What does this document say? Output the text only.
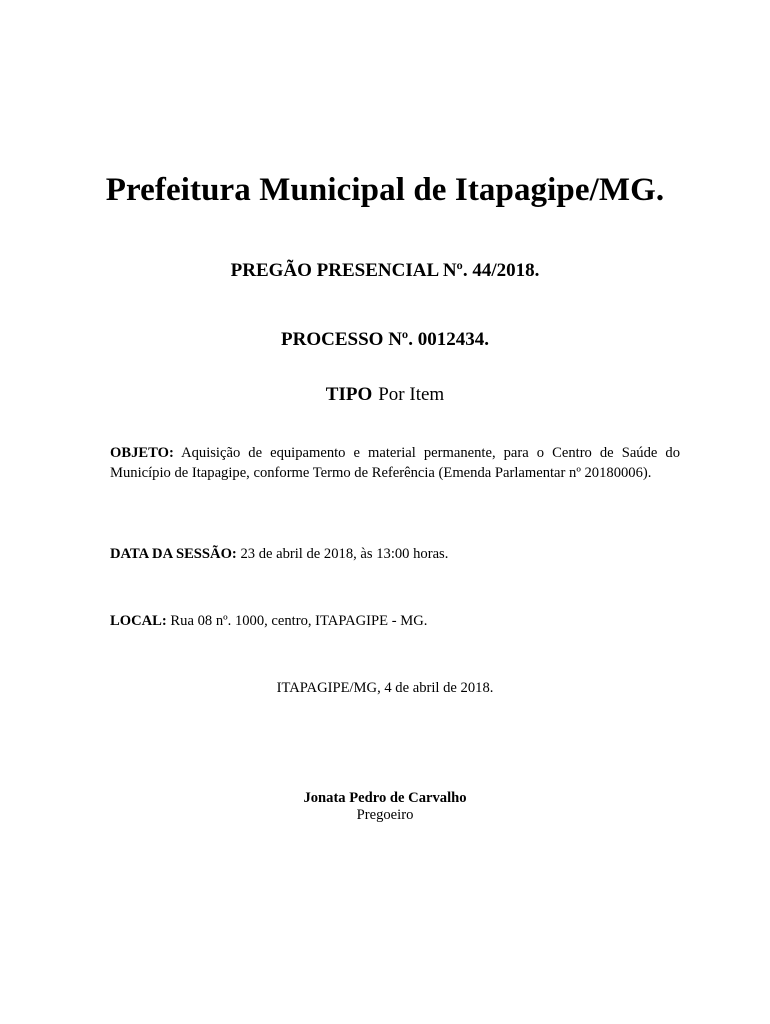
Prefeitura Municipal de Itapagipe/MG.
PREGÃO PRESENCIAL Nº. 44/2018.
PROCESSO Nº. 0012434.
TIPO Por Item
OBJETO: Aquisição de equipamento e material permanente, para o Centro de Saúde do Município de Itapagipe, conforme Termo de Referência (Emenda Parlamentar nº 20180006).
DATA DA SESSÃO: 23 de abril de 2018, às 13:00 horas.
LOCAL: Rua 08 nº. 1000, centro, ITAPAGIPE - MG.
ITAPAGIPE/MG, 4 de abril de 2018.
Jonata Pedro de Carvalho
Pregoeiro
